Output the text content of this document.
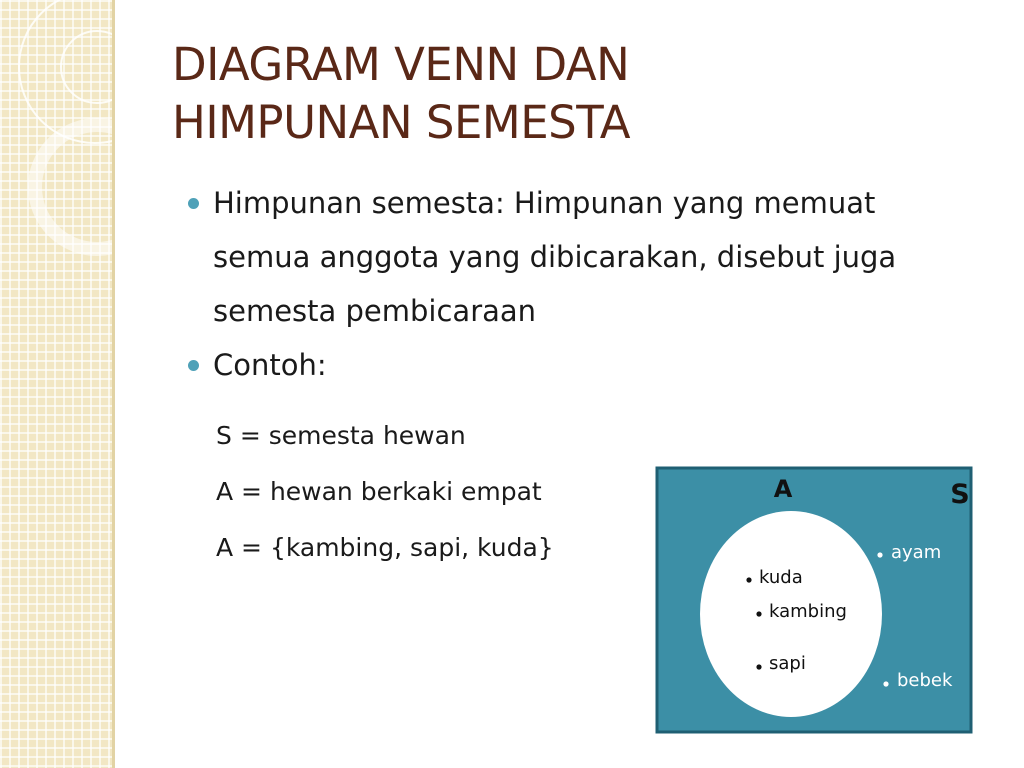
DIAGRAM VENN DAN
HIMPUNAN SEMESTA
Himpunan semesta: Himpunan yang memuat semua anggota yang dibicarakan, disebut juga semesta pembicaraan
Contoh:
S = semesta hewan
A = hewan berkaki empat
A = {kambing, sapi, kuda}
A	S
kuda
kambing
sapi
ayam
bebek
